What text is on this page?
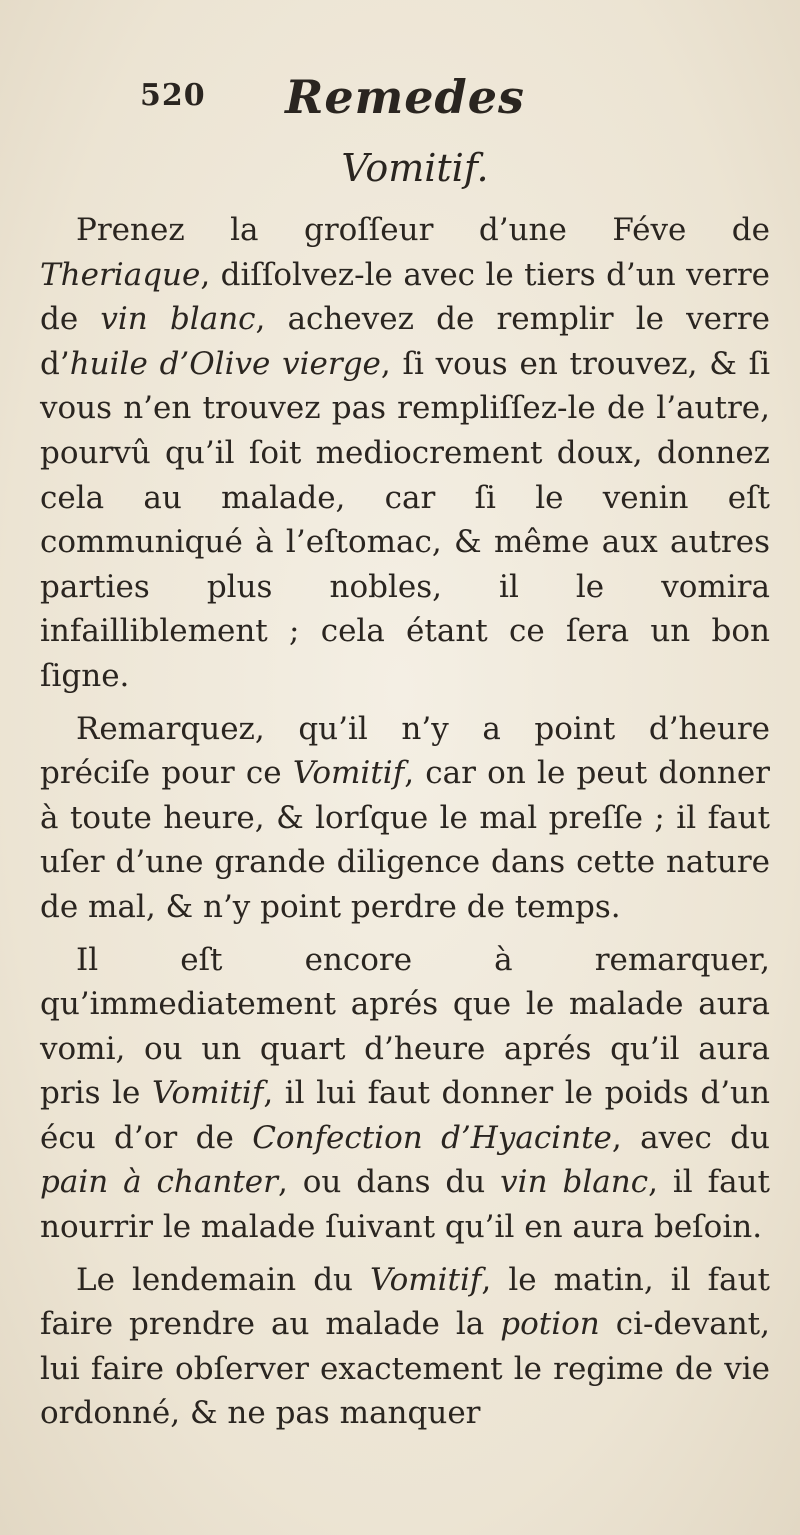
520	Remedes
Vomitif.

Prenez la groſſeur d’une Féve de Theriaque, diſſolvez-le avec le tiers d’un verre de vin blanc, achevez de remplir le verre d’huile d’Olive vierge, ſi vous en trouvez, & ſi vous n’en trouvez pas rempliſſez-le de l’autre, pourvû qu’il ſoit mediocrement doux, donnez cela au malade, car ſi le venin eſt communiqué à l’eſtomac, & même aux autres parties plus nobles, il le vomira infailliblement ; cela étant ce ſera un bon ſigne.

Remarquez, qu’il n’y a point d’heure préciſe pour ce Vomitif, car on le peut donner à toute heure, & lorſque le mal preſſe ; il faut uſer d’une grande diligence dans cette nature de mal, & n’y point perdre de temps.

Il eſt encore à remarquer, qu’immediatement aprés que le malade aura vomi, ou un quart d’heure aprés qu’il aura pris le Vomitif, il lui faut donner le poids d’un écu d’or de Confection d’Hyacinte, avec du pain à chanter, ou dans du vin blanc, il faut nourrir le malade ſuivant qu’il en aura beſoin.

Le lendemain du Vomitif, le matin, il faut faire prendre au malade la potion ci-devant, lui faire obſerver exactement le regime de vie ordonné, & ne pas manquer
